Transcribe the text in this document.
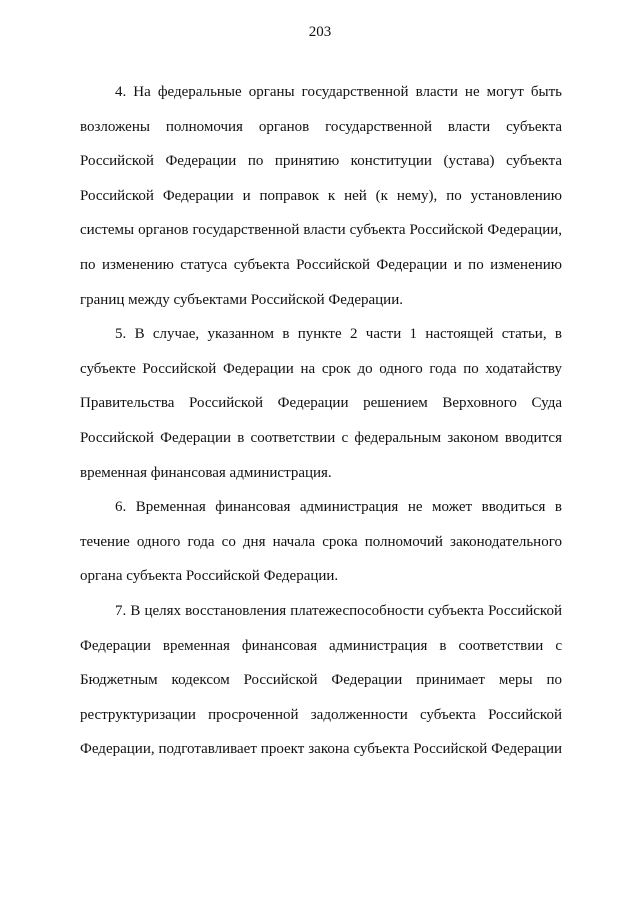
203

4. На федеральные органы государственной власти не могут быть
возложены полномочия органов государственной власти субъекта
Российской Федерации по принятию конституции (устава) субъекта
Российской Федерации и поправок к ней (к нему), по установлению
системы органов государственной власти субъекта Российской Федерации,
по изменению статуса субъекта Российской Федерации и по изменению
границ между субъектами Российской Федерации.

5. В случае, указанном в пункте 2 части 1 настоящей статьи, в
субъекте Российской Федерации на срок до одного года по ходатайству
Правительства Российской Федерации решением Верховного Суда
Российской Федерации в соответствии с федеральным законом вводится
временная финансовая администрация.

6. Временная финансовая администрация не может вводиться в
течение одного года со дня начала срока полномочий законодательного
органа субъекта Российской Федерации.

7. В целях восстановления платежеспособности субъекта Российской
Федерации временная финансовая администрация в соответствии с
Бюджетным кодексом Российской Федерации принимает меры по
реструктуризации просроченной задолженности субъекта Российской
Федерации, подготавливает проект закона субъекта Российской Федерации
